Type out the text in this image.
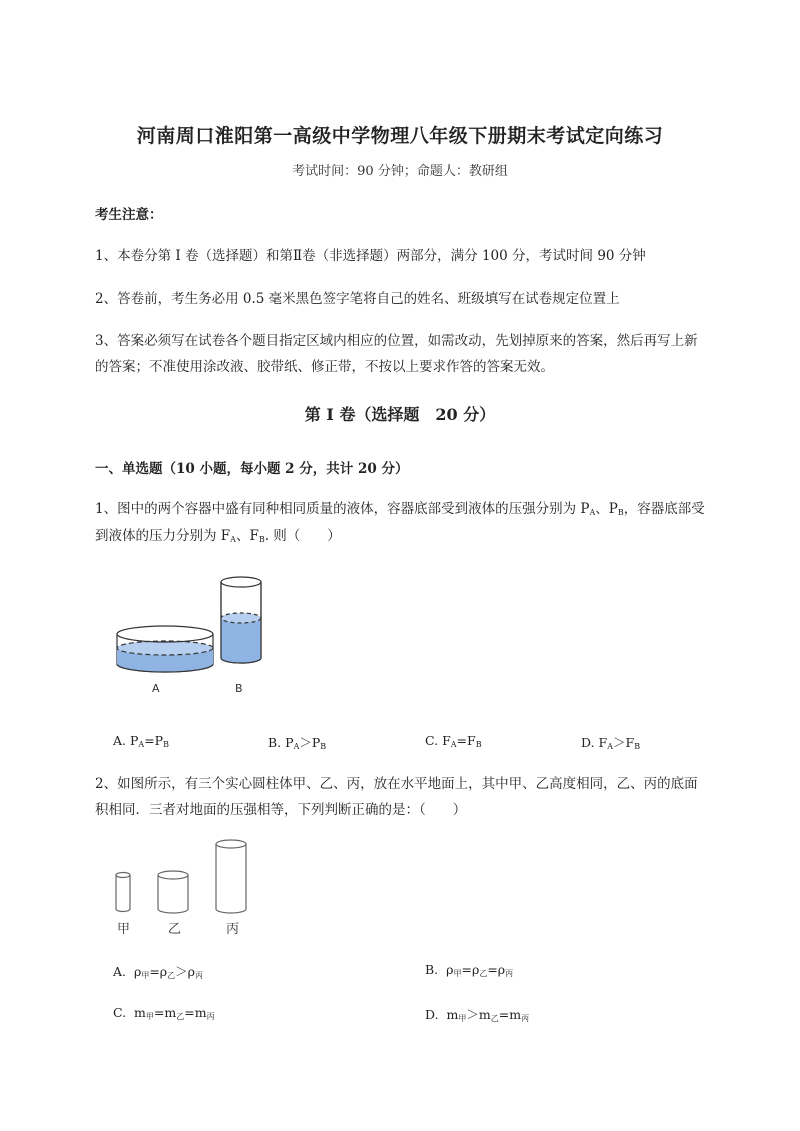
河南周口淮阳第一高级中学物理八年级下册期末考试定向练习
考试时间：90 分钟；命题人：教研组
考生注意：
1、本卷分第 I 卷（选择题）和第Ⅱ卷（非选择题）两部分，满分 100 分，考试时间 90 分钟
2、答卷前，考生务必用 0.5 毫米黑色签字笔将自己的姓名、班级填写在试卷规定位置上
3、答案必须写在试卷各个题目指定区域内相应的位置，如需改动，先划掉原来的答案，然后再写上新
的答案；不准使用涂改液、胶带纸、修正带，不按以上要求作答的答案无效。
第 I 卷（选择题　20 分）
一、单选题（10 小题，每小题 2 分，共计 20 分）
1、图中的两个容器中盛有同种相同质量的液体，容器底部受到液体的压强分别为 $P_A$、$P_B$，容器底部受
到液体的压力分别为 $F_A$、$F_B$. 则（　　）
A	B
A. $P_A=P_B$	B. $P_A>P_B$	C. $F_A=F_B$	D. $F_A>F_B$
2、如图所示，有三个实心圆柱体甲、乙、丙，放在水平地面上，其中甲、乙高度相同，乙、丙的底面
积相同．三者对地面的压强相等，下列判断正确的是：（　　）
甲	乙	丙
A. $\rho_甲=\rho_乙>\rho_丙$	B. $\rho_甲=\rho_乙=\rho_丙$
C. $m_甲=m_乙=m_丙$	D. $m_甲>m_乙=m_丙$
